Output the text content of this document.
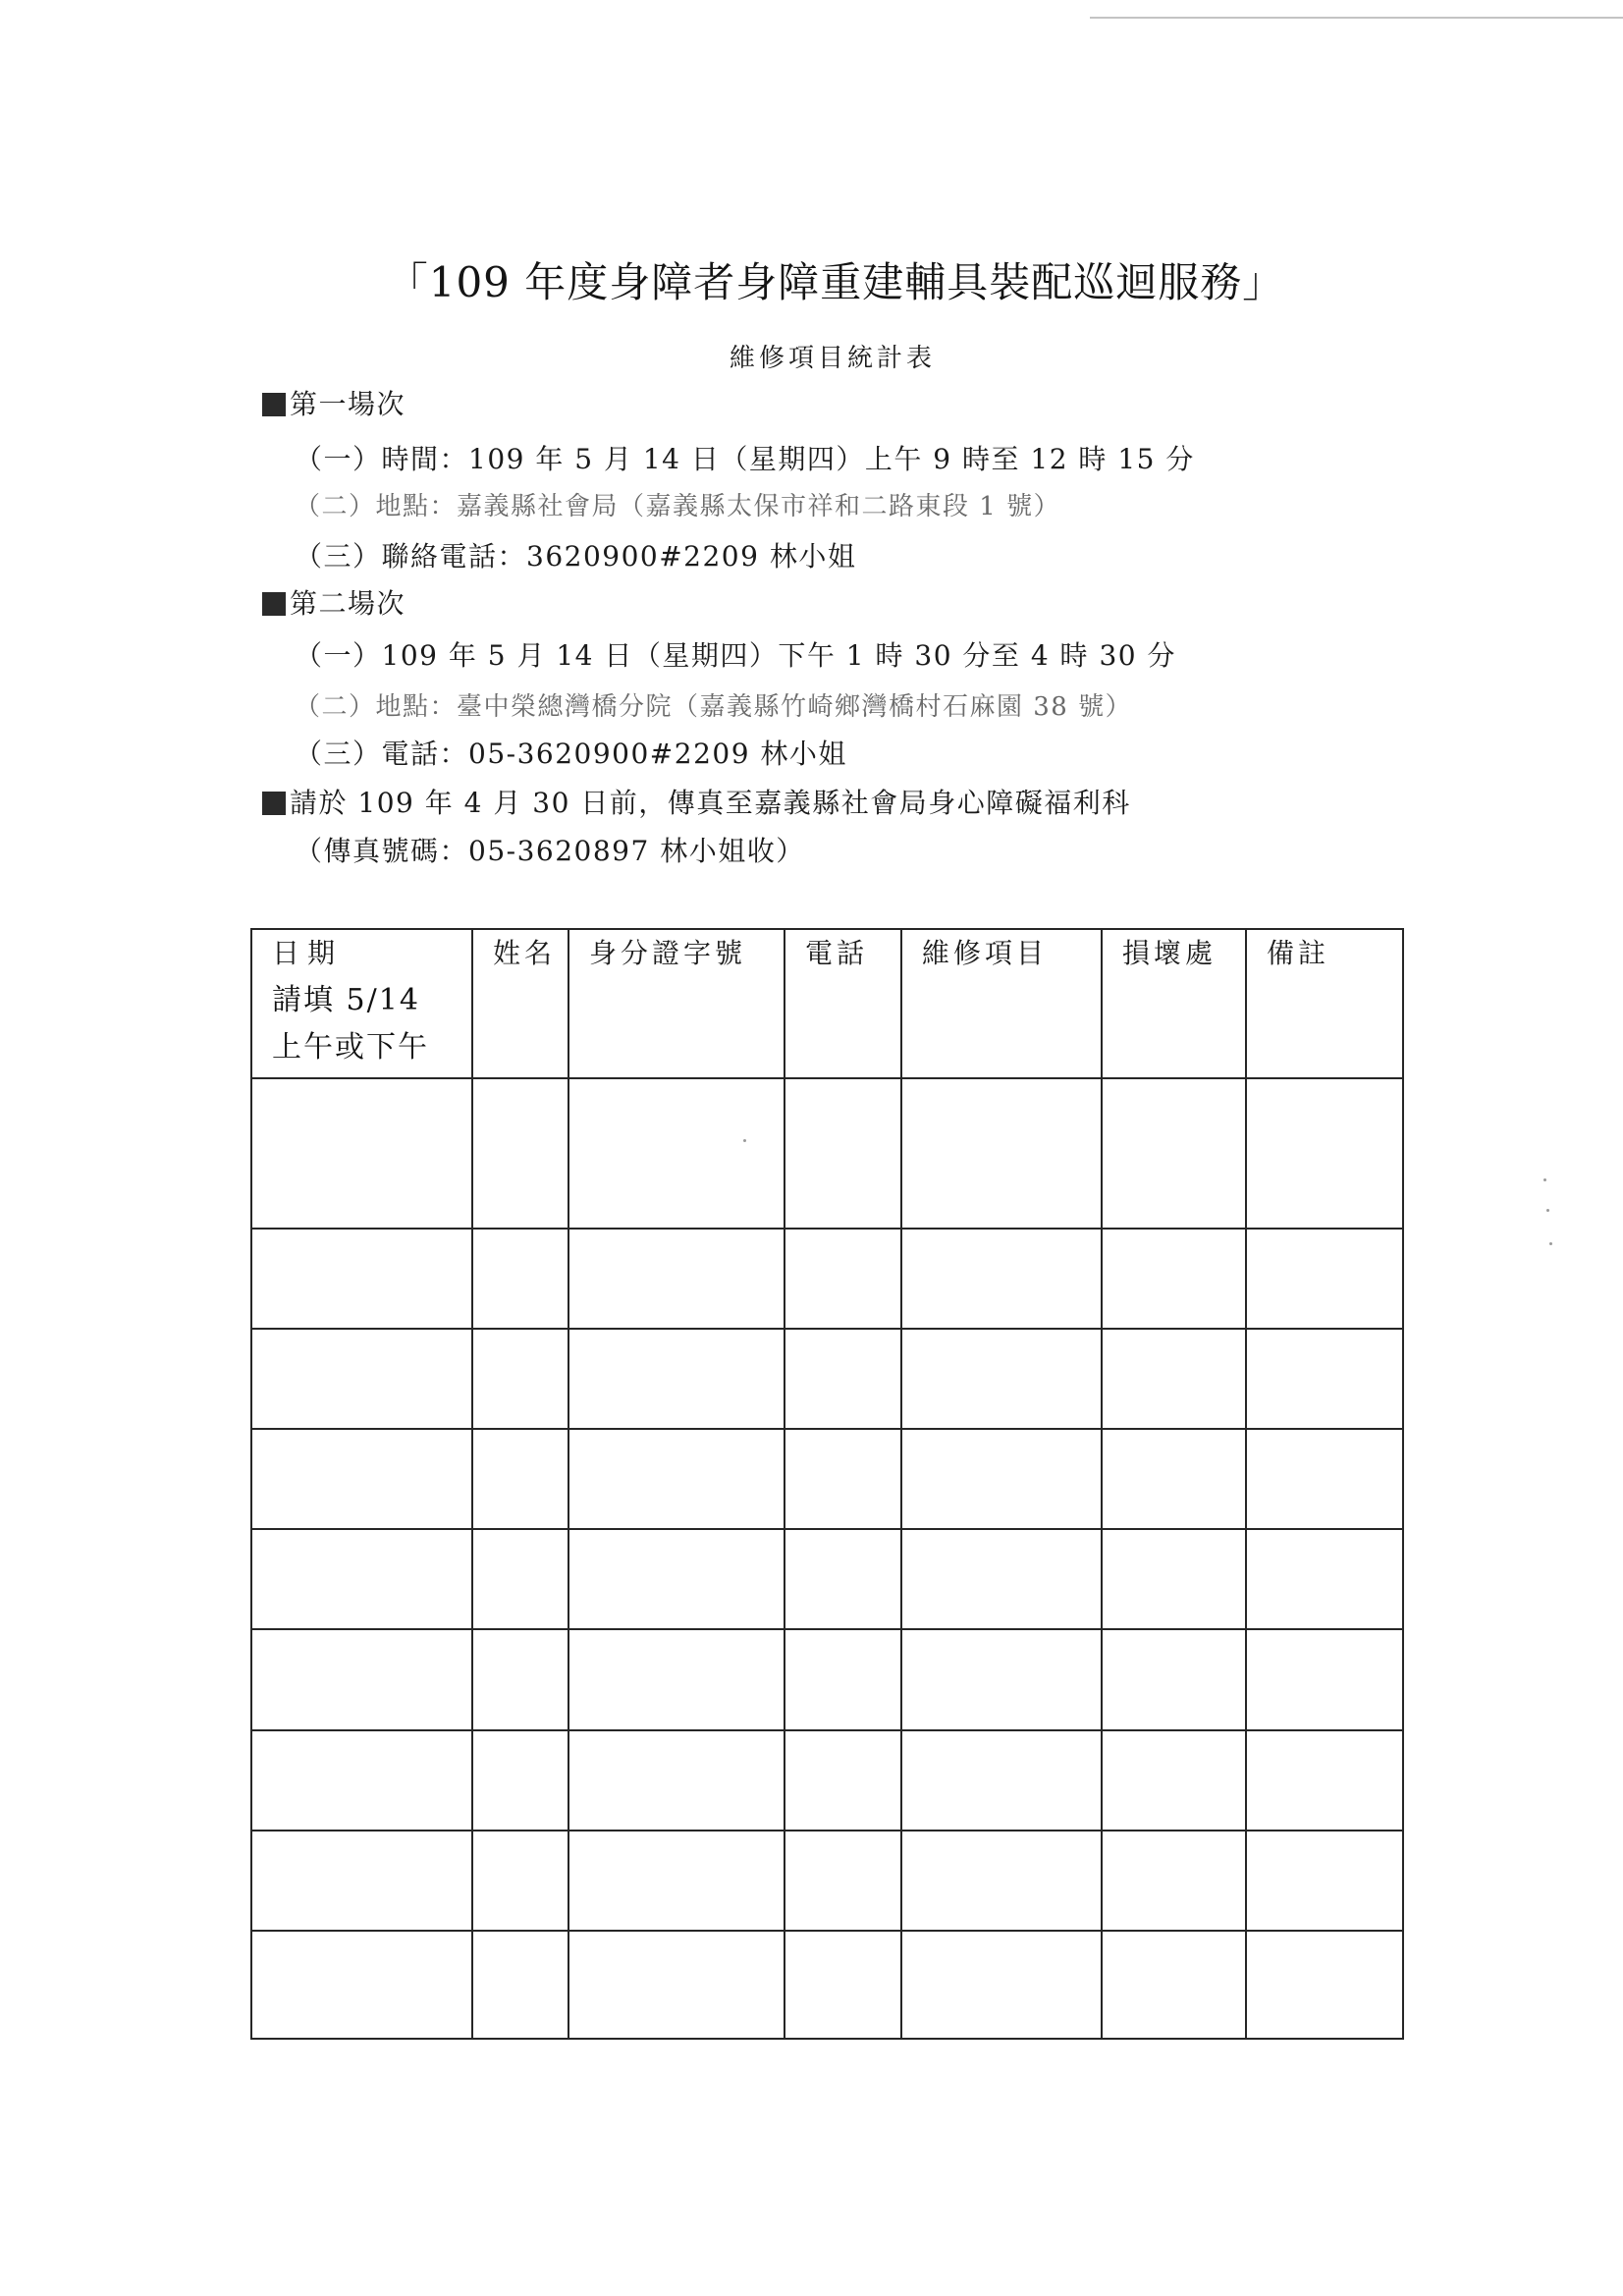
「109 年度身障者身障重建輔具裝配巡迴服務」
維修項目統計表
第一場次
（一）時間：109 年 5 月 14 日（星期四）上午 9 時至 12 時 15 分
（二）地點：嘉義縣社會局（嘉義縣太保市祥和二路東段 1 號）
（三）聯絡電話：3620900#2209 林小姐
第二場次
（一）109 年 5 月 14 日（星期四）下午 1 時 30 分至 4 時 30 分
（二）地點：臺中榮總灣橋分院（嘉義縣竹崎鄉灣橋村石麻園 38 號）
（三）電話：05-3620900#2209 林小姐
請於 109 年 4 月 30 日前，傳真至嘉義縣社會局身心障礙福利科
（傳真號碼：05-3620897 林小姐收）
日期
請填 5/14
上午或下午	姓名	身分證字號	電話	維修項目	損壞處	備註
